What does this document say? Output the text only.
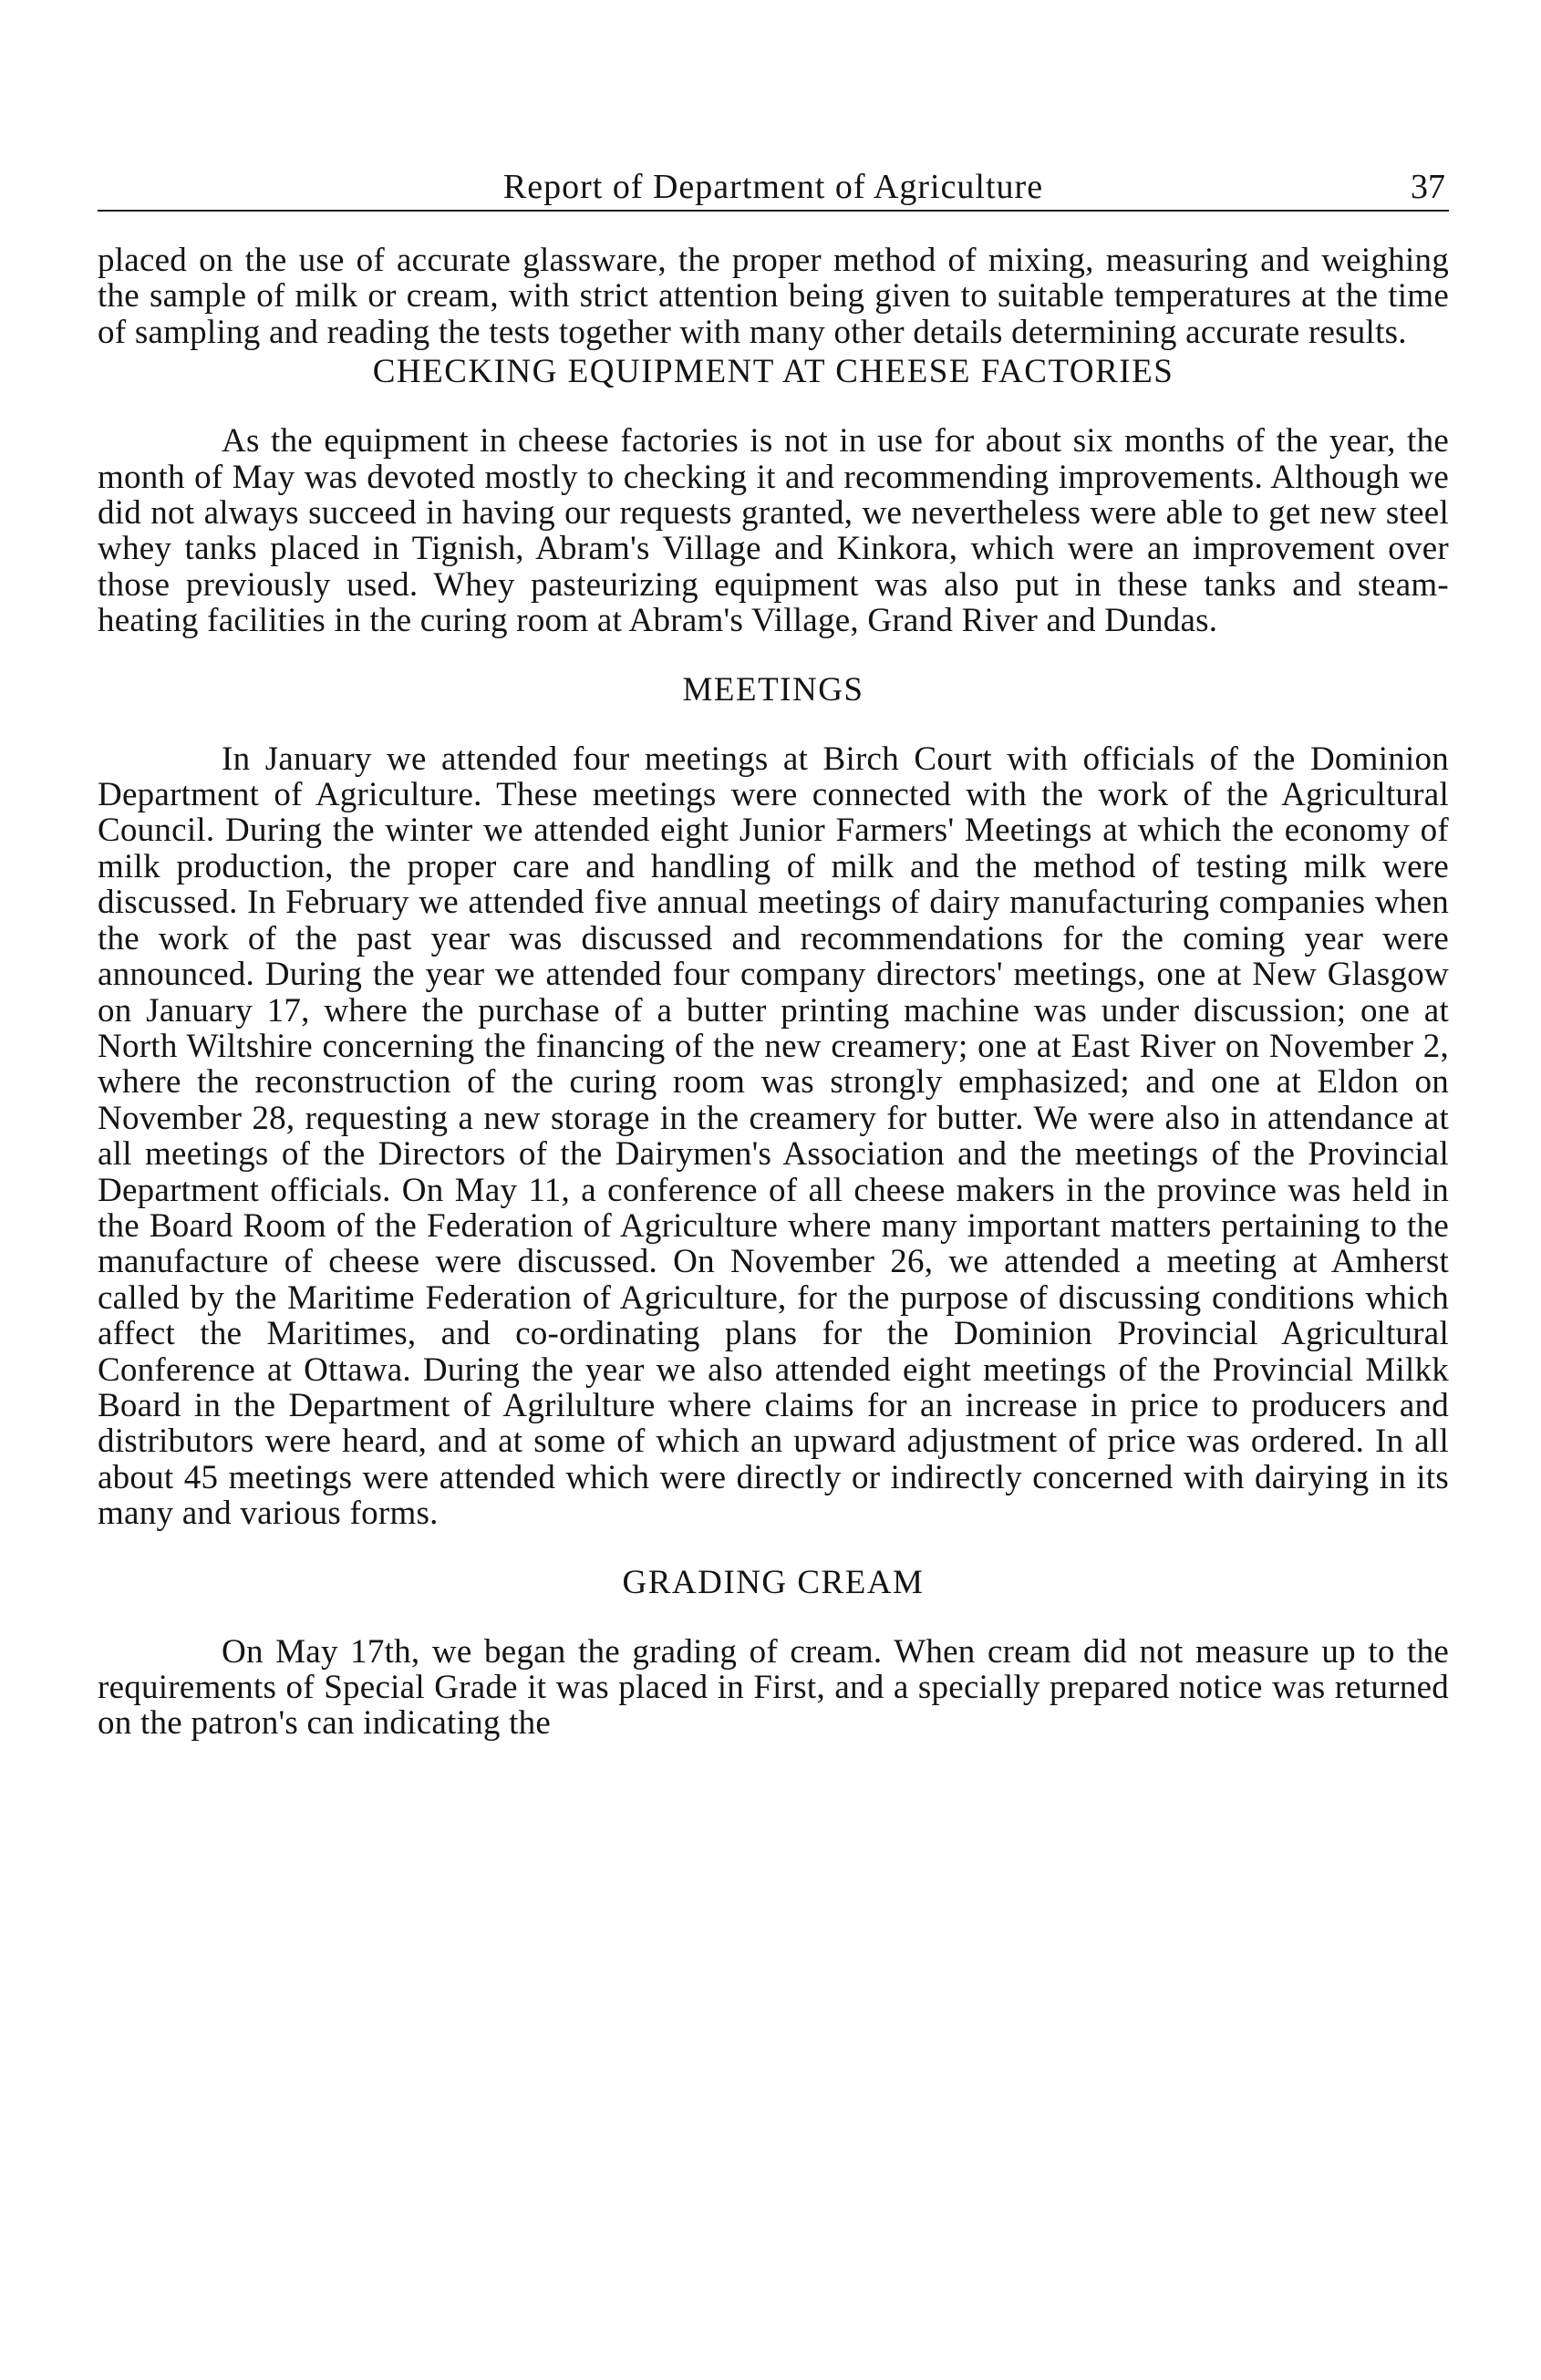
Report of Department of Agriculture	37

placed on the use of accurate glassware, the proper method of mixing, measuring and weighing the sample of milk or cream, with strict attention being given to suitable temperatures at the time of sampling and reading the tests together with many other details determining accurate results.

CHECKING EQUIPMENT AT CHEESE FACTORIES

As the equipment in cheese factories is not in use for about six months of the year, the month of May was devoted mostly to checking it and recommending improvements. Although we did not always succeed in having our requests granted, we nevertheless were able to get new steel whey tanks placed in Tignish, Abram's Village and Kinkora, which were an improvement over those previously used. Whey pasteurizing equipment was also put in these tanks and steam-heating facilities in the curing room at Abram's Village, Grand River and Dundas.

MEETINGS

In January we attended four meetings at Birch Court with officials of the Dominion Department of Agriculture. These meetings were connected with the work of the Agricultural Council. During the winter we attended eight Junior Farmers' Meetings at which the economy of milk production, the proper care and handling of milk and the method of testing milk were discussed. In February we attended five annual meetings of dairy manufacturing companies when the work of the past year was discussed and recommendations for the coming year were announced. During the year we attended four company directors' meetings, one at New Glasgow on January 17, where the purchase of a butter printing machine was under discussion; one at North Wiltshire concerning the financing of the new creamery; one at East River on November 2, where the reconstruction of the curing room was strongly emphasized; and one at Eldon on November 28, requesting a new storage in the creamery for butter. We were also in attendance at all meetings of the Directors of the Dairymen's Association and the meetings of the Provincial Department officials. On May 11, a conference of all cheese makers in the province was held in the Board Room of the Federation of Agriculture where many important matters pertaining to the manufacture of cheese were discussed. On November 26, we attended a meeting at Amherst called by the Maritime Federation of Agriculture, for the purpose of discussing conditions which affect the Maritimes, and co-ordinating plans for the Dominion Provincial Agricultural Conference at Ottawa. During the year we also attended eight meetings of the Provincial Milkk Board in the Department of Agrilulture where claims for an increase in price to producers and distributors were heard, and at some of which an upward adjustment of price was ordered. In all about 45 meetings were attended which were directly or indirectly concerned with dairying in its many and various forms.

GRADING CREAM

On May 17th, we began the grading of cream. When cream did not measure up to the requirements of Special Grade it was placed in First, and a specially prepared notice was returned on the patron's can indicating the
